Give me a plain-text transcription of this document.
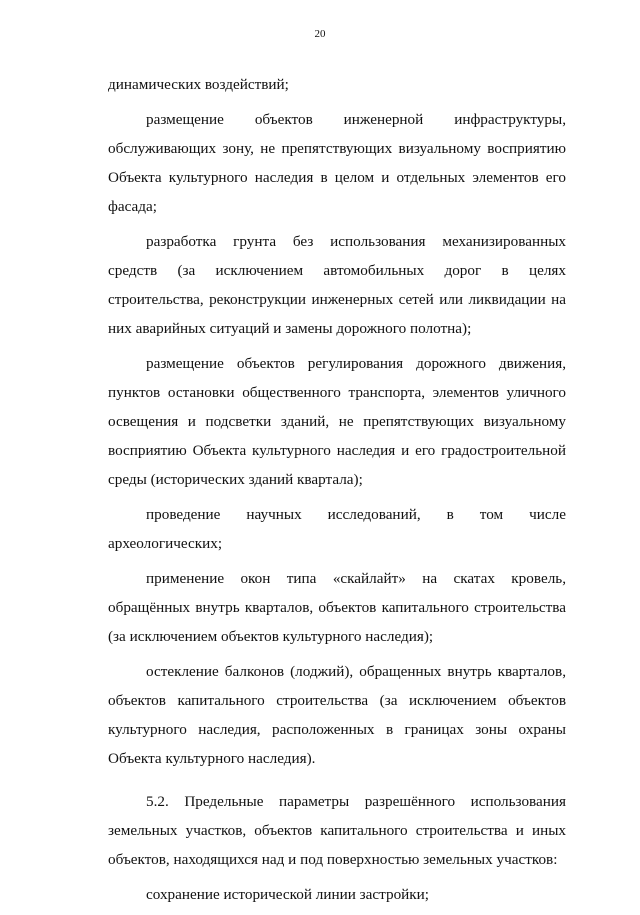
20

динамических воздействий;

размещение объектов инженерной инфраструктуры, обслуживающих зону, не препятствующих визуальному восприятию Объекта культурного наследия в целом и отдельных элементов его фасада;

разработка грунта без использования механизированных средств (за исключением автомобильных дорог в целях строительства, реконструкции инженерных сетей или ликвидации на них аварийных ситуаций и замены дорожного полотна);

размещение объектов регулирования дорожного движения, пунктов остановки общественного транспорта, элементов уличного освещения и подсветки зданий, не препятствующих визуальному восприятию Объекта культурного наследия и его градостроительной среды (исторических зданий квартала);

проведение научных исследований, в том числе археологических;

применение окон типа «скайлайт» на скатах кровель, обращённых внутрь кварталов, объектов капитального строительства (за исключением объектов культурного наследия);

остекление балконов (лоджий), обращенных внутрь кварталов, объектов капитального строительства (за исключением объектов культурного наследия, расположенных в границах зоны охраны Объекта культурного наследия).

5.2. Предельные параметры разрешённого использования земельных участков, объектов капитального строительства и иных объектов, находящихся над и под поверхностью земельных участков:

сохранение исторической линии застройки;
